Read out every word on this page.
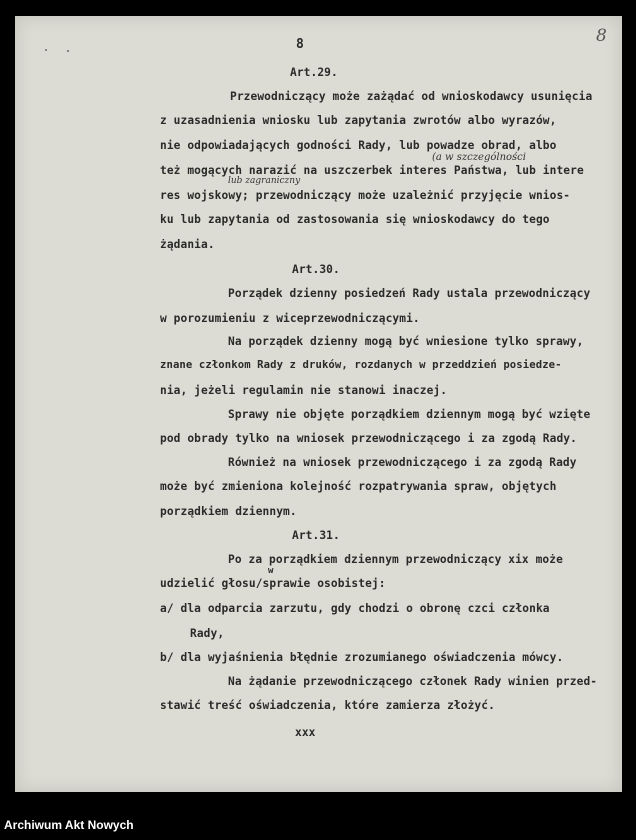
8	8
Art.29.
Przewodniczący może zażądać od wnioskodawcy usunięcia
z uzasadnienia wniosku lub zapytania zwrotów albo wyrazów,
nie odpowiadających godności Rady, lub powadze obrad, albo
(a w szczególności
też mogących narazić na uszczerbek interes Państwa, lub intere
lub zagraniczny
res wojskowy; przewodniczący może uzależnić przyjęcie wnios-
ku lub zapytania od zastosowania się wnioskodawcy do tego
żądania.
Art.30.
Porządek dzienny posiedzeń Rady ustala przewodniczący
w porozumieniu z wiceprzewodniczącymi.
Na porządek dzienny mogą być wniesione tylko sprawy,
znane członkom Rady z druków, rozdanych w przeddzień posiedze-
nia, jeżeli regulamin nie stanowi inaczej.
Sprawy nie objęte porządkiem dziennym mogą być wzięte
pod obrady tylko na wniosek przewodniczącego i za zgodą Rady.
Również na wniosek przewodniczącego i za zgodą Rady
może być zmieniona kolejność rozpatrywania spraw, objętych
porządkiem dziennym.
Art.31.
Po za porządkiem dziennym przewodniczący xix może
w
udzielić głosu/sprawie osobistej:
a/ dla odparcia zarzutu, gdy chodzi o obronę czci członka
Rady,
b/ dla wyjaśnienia błędnie zrozumianego oświadczenia mówcy.
Na żądanie przewodniczącego członek Rady winien przed-
stawić treść oświadczenia, które zamierza złożyć.
xxx
Archiwum Akt Nowych
